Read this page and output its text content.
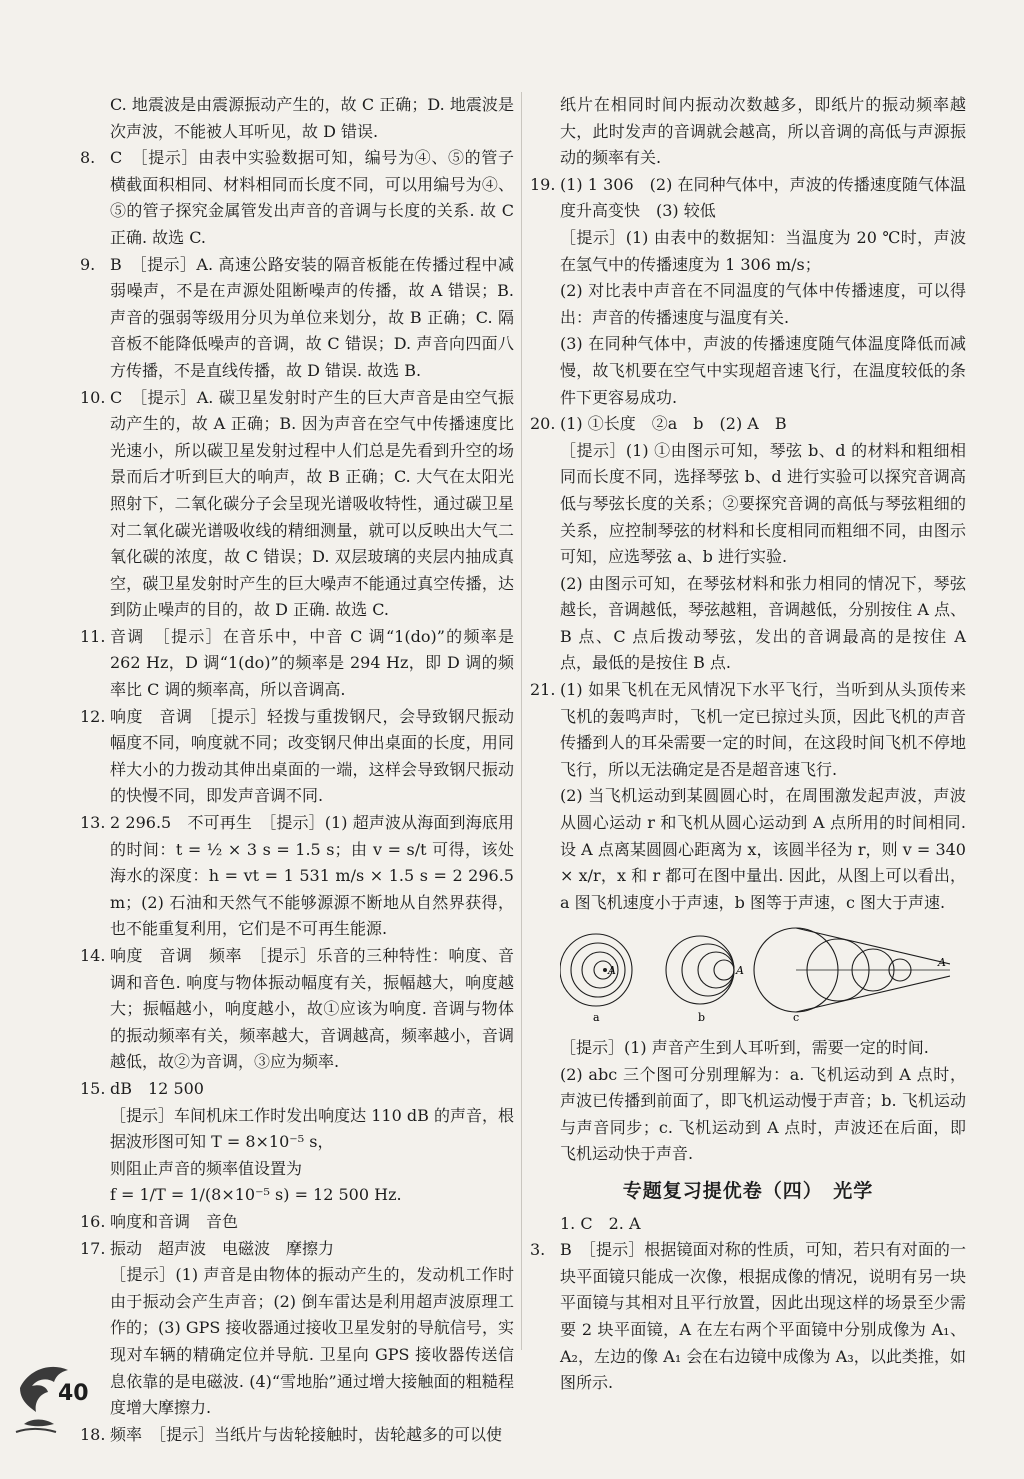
C. 地震波是由震源振动产生的，故 C 正确；D. 地震波是次声波，不能被人耳听见，故 D 错误.

8. C　［提示］由表中实验数据可知，编号为④、⑤的管子横截面积相同、材料相同而长度不同，可以用编号为④、⑤的管子探究金属管发出声音的音调与长度的关系. 故 C 正确. 故选 C.

9. B　［提示］A. 高速公路安装的隔音板能在传播过程中减弱噪声，不是在声源处阻断噪声的传播，故 A 错误；B. 声音的强弱等级用分贝为单位来划分，故 B 正确；C. 隔音板不能降低噪声的音调，故 C 错误；D. 声音向四面八方传播，不是直线传播，故 D 错误. 故选 B.

10. C　［提示］A. 碳卫星发射时产生的巨大声音是由空气振动产生的，故 A 正确；B. 因为声音在空气中传播速度比光速小，所以碳卫星发射过程中人们总是先看到升空的场景而后才听到巨大的响声，故 B 正确；C. 大气在太阳光照射下，二氧化碳分子会呈现光谱吸收特性，通过碳卫星对二氧化碳光谱吸收线的精细测量，就可以反映出大气二氧化碳的浓度，故 C 错误；D. 双层玻璃的夹层内抽成真空，碳卫星发射时产生的巨大噪声不能通过真空传播，达到防止噪声的目的，故 D 正确. 故选 C.

11. 音调　［提示］在音乐中，中音 C 调“1(do)”的频率是 262 Hz，D 调“1(do)”的频率是 294 Hz，即 D 调的频率比 C 调的频率高，所以音调高.

12. 响度　音调　［提示］轻拨与重拨钢尺，会导致钢尺振动幅度不同，响度就不同；改变钢尺伸出桌面的长度，用同样大小的力拨动其伸出桌面的一端，这样会导致钢尺振动的快慢不同，即发声音调不同.

13. 2 296.5　不可再生　［提示］(1) 超声波从海面到海底用的时间：t = ½ × 3 s = 1.5 s；由 v = s/t 可得，该处海水的深度：h = vt = 1 531 m/s × 1.5 s = 2 296.5 m；(2) 石油和天然气不能够源源不断地从自然界获得，也不能重复利用，它们是不可再生能源.

14. 响度　音调　频率　［提示］乐音的三种特性：响度、音调和音色. 响度与物体振动幅度有关，振幅越大，响度越大；振幅越小，响度越小，故①应该为响度. 音调与物体的振动频率有关，频率越大，音调越高，频率越小，音调越低，故②为音调，③应为频率.

15. dB　12 500

［提示］车间机床工作时发出响度达 110 dB 的声音，根据波形图可知 T = 8×10⁻⁵ s，

则阻止声音的频率值设置为

f = 1/T = 1/(8×10⁻⁵ s) = 12 500 Hz.

16. 响度和音调　音色

17. 振动　超声波　电磁波　摩擦力

［提示］(1) 声音是由物体的振动产生的，发动机工作时由于振动会产生声音；(2) 倒车雷达是利用超声波原理工作的；(3) GPS 接收器通过接收卫星发射的导航信号，实现对车辆的精确定位并导航. 卫星向 GPS 接收器传送信息依靠的是电磁波. (4)“雪地胎”通过增大接触面的粗糙程度增大摩擦力.

18. 频率　［提示］当纸片与齿轮接触时，齿轮越多的可以使

纸片在相同时间内振动次数越多，即纸片的振动频率越大，此时发声的音调就会越高，所以音调的高低与声源振动的频率有关.

19. (1) 1 306　(2) 在同种气体中，声波的传播速度随气体温度升高变快　(3) 较低

［提示］(1) 由表中的数据知：当温度为 20 ℃时，声波在氢气中的传播速度为 1 306 m/s；

(2) 对比表中声音在不同温度的气体中传播速度，可以得出：声音的传播速度与温度有关.

(3) 在同种气体中，声波的传播速度随气体温度降低而减慢，故飞机要在空气中实现超音速飞行，在温度较低的条件下更容易成功.

20. (1) ①长度　②a　b　(2) A　B

［提示］(1) ①由图示可知，琴弦 b、d 的材料和粗细相同而长度不同，选择琴弦 b、d 进行实验可以探究音调高低与琴弦长度的关系；②要探究音调的高低与琴弦粗细的关系，应控制琴弦的材料和长度相同而粗细不同，由图示可知，应选琴弦 a、b 进行实验.

(2) 由图示可知，在琴弦材料和张力相同的情况下，琴弦越长，音调越低，琴弦越粗，音调越低，分别按住 A 点、B 点、C 点后拨动琴弦，发出的音调最高的是按住 A 点，最低的是按住 B 点.

21. (1) 如果飞机在无风情况下水平飞行，当听到从头顶传来飞机的轰鸣声时，飞机一定已掠过头顶，因此飞机的声音传播到人的耳朵需要一定的时间，在这段时间飞机不停地飞行，所以无法确定是否是超音速飞行.

(2) 当飞机运动到某圆圆心时，在周围激发起声波，声波从圆心运动 r 和飞机从圆心运动到 A 点所用的时间相同. 设 A 点离某圆圆心距离为 x，该圆半径为 r，则 v = 340 × x/r，x 和 r 都可在图中量出. 因此，从图上可以看出，a 图飞机速度小于声速，b 图等于声速，c 图大于声速.

A	A
A
a	b	c

［提示］(1) 声音产生到人耳听到，需要一定的时间.

(2) abc 三个图可分别理解为：a. 飞机运动到 A 点时，声波已传播到前面了，即飞机运动慢于声音；b. 飞机运动与声音同步；c. 飞机运动到 A 点时，声波还在后面，即飞机运动快于声音.

专题复习提优卷（四）　光学

1. C　2. A

3. B　［提示］根据镜面对称的性质，可知，若只有对面的一块平面镜只能成一次像，根据成像的情况，说明有另一块平面镜与其相对且平行放置，因此出现这样的场景至少需要 2 块平面镜，A 在左右两个平面镜中分别成像为 A₁、A₂，左边的像 A₁ 会在右边镜中成像为 A₃，以此类推，如图所示.

40
